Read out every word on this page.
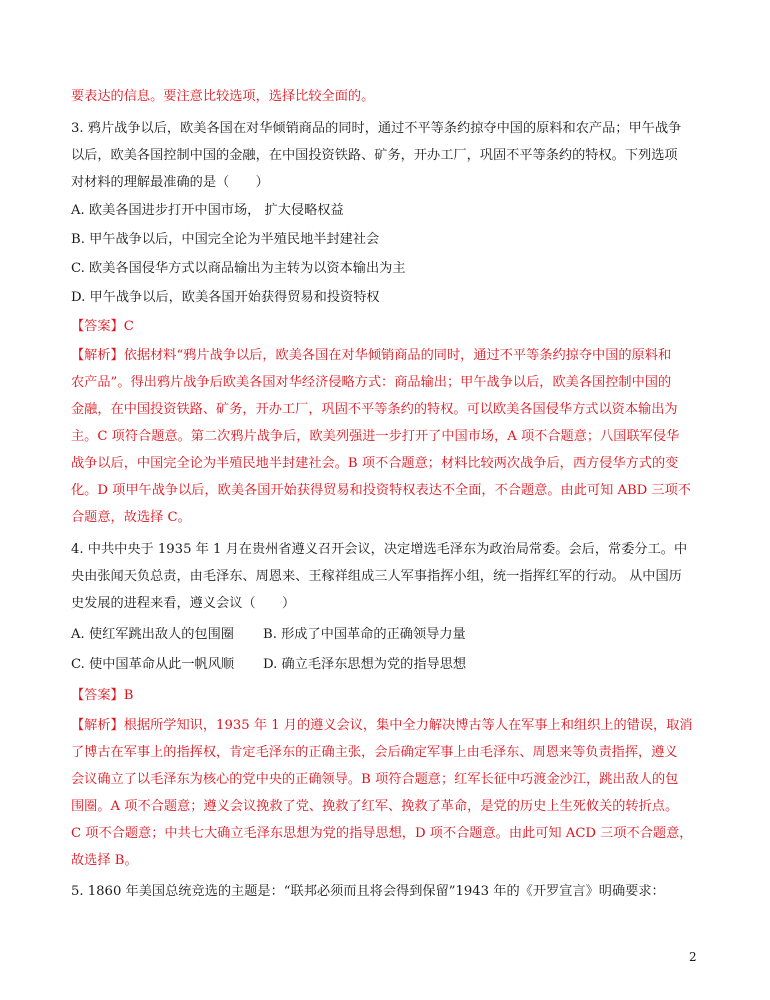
要表达的信息。要注意比较选项，选择比较全面的。
3. 鸦片战争以后，欧美各国在对华倾销商品的同时，通过不平等条约掠夺中国的原料和农产品；甲午战争
以后，欧美各国控制中国的金融，在中国投资铁路、矿务，开办工厂，巩固不平等条约的特权。下列选项
对材料的理解最准确的是（　　）
A. 欧美各国进步打开中国市场， 扩大侵略权益
B. 甲午战争以后，中国完全论为半殖民地半封建社会
C. 欧美各国侵华方式以商品输出为主转为以资本输出为主
D. 甲午战争以后，欧美各国开始获得贸易和投资特权
【答案】C
【解析】依据材料“鸦片战争以后，欧美各国在对华倾销商品的同时，通过不平等条约掠夺中国的原料和
农产品”。得出鸦片战争后欧美各国对华经济侵略方式：商品输出；甲午战争以后，欧美各国控制中国的
金融，在中国投资铁路、矿务，开办工厂，巩固不平等条约的特权。可以欧美各国侵华方式以资本输出为
主。C 项符合题意。第二次鸦片战争后，欧美列强进一步打开了中国市场，A 项不合题意；八国联军侵华
战争以后，中国完全论为半殖民地半封建社会。B 项不合题意；材料比较两次战争后，西方侵华方式的变
化。D 项甲午战争以后，欧美各国开始获得贸易和投资特权表达不全面，不合题意。由此可知 ABD 三项不
合题意，故选择 C。
4. 中共中央于 1935 年 1 月在贵州省遵义召开会议，决定增选毛泽东为政治局常委。会后，常委分工。中
央由张闻天负总责，由毛泽东、周恩来、王稼祥组成三人军事指挥小组，统一指挥红军的行动。 从中国历
史发展的进程来看，遵义会议（　　）
A. 使红军跳出敌人的包围圈 B. 形成了中国革命的正确领导力量
C. 使中国革命从此一帆风顺 D. 确立毛泽东思想为党的指导思想
【答案】B
【解析】根据所学知识，1935 年 1 月的遵义会议，集中全力解决博古等人在军事上和组织上的错误，取消
了博古在军事上的指挥权，肯定毛泽东的正确主张，会后确定军事上由毛泽东、周恩来等负责指挥，遵义
会议确立了以毛泽东为核心的党中央的正确领导。B 项符合题意；红军长征中巧渡金沙江，跳出敌人的包
围圈。A 项不合题意；遵义会议挽救了党、挽救了红军、挽救了革命，是党的历史上生死攸关的转折点。
C 项不合题意；中共七大确立毛泽东思想为党的指导思想，D 项不合题意。由此可知 ACD 三项不合题意，
故选择 B。
5. 1860 年美国总统竞选的主题是：“联邦必须而且将会得到保留”1943 年的《开罗宣言》明确要求：
2
